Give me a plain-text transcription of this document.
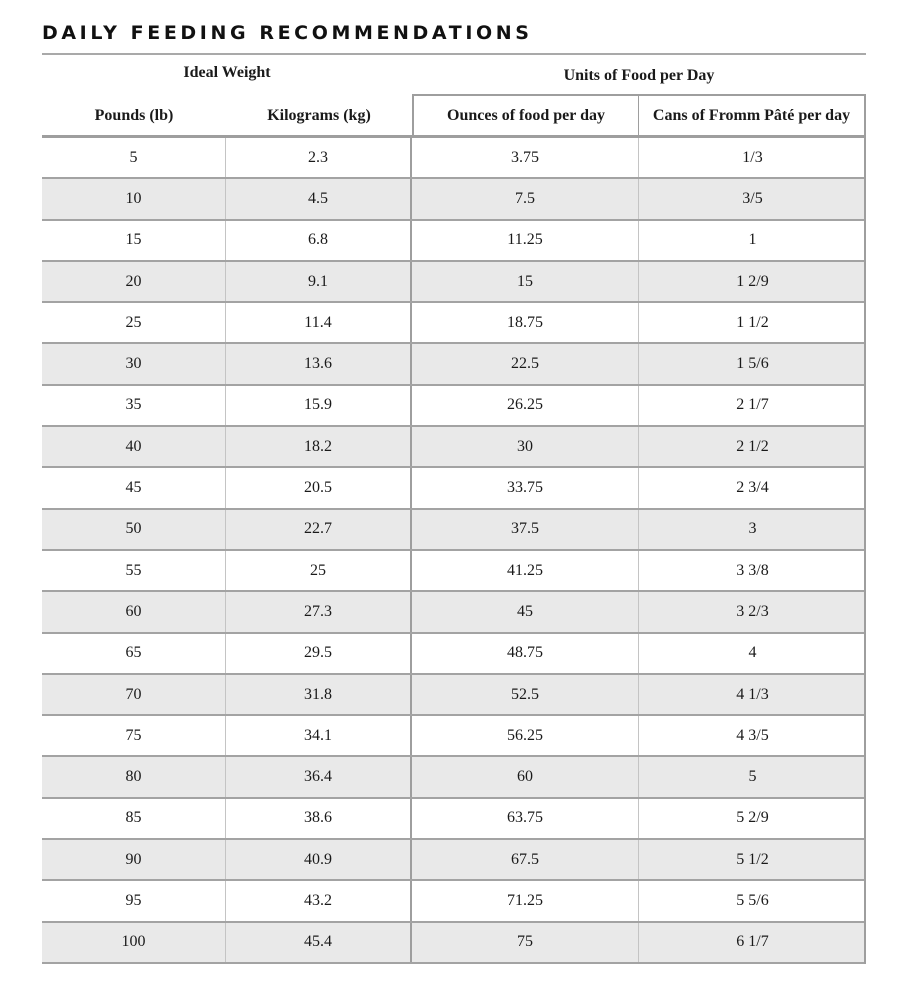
DAILY FEEDING RECOMMENDATIONS
Ideal Weight	Units of Food per Day
Pounds (lb)	Kilograms (kg)	Ounces of food per day	Cans of Fromm Pâté per day
5	2.3	3.75	1/3
10	4.5	7.5	3/5
15	6.8	11.25	1
20	9.1	15	1 2/9
25	11.4	18.75	1 1/2
30	13.6	22.5	1 5/6
35	15.9	26.25	2 1/7
40	18.2	30	2 1/2
45	20.5	33.75	2 3/4
50	22.7	37.5	3
55	25	41.25	3 3/8
60	27.3	45	3 2/3
65	29.5	48.75	4
70	31.8	52.5	4 1/3
75	34.1	56.25	4 3/5
80	36.4	60	5
85	38.6	63.75	5 2/9
90	40.9	67.5	5 1/2
95	43.2	71.25	5 5/6
100	45.4	75	6 1/7
